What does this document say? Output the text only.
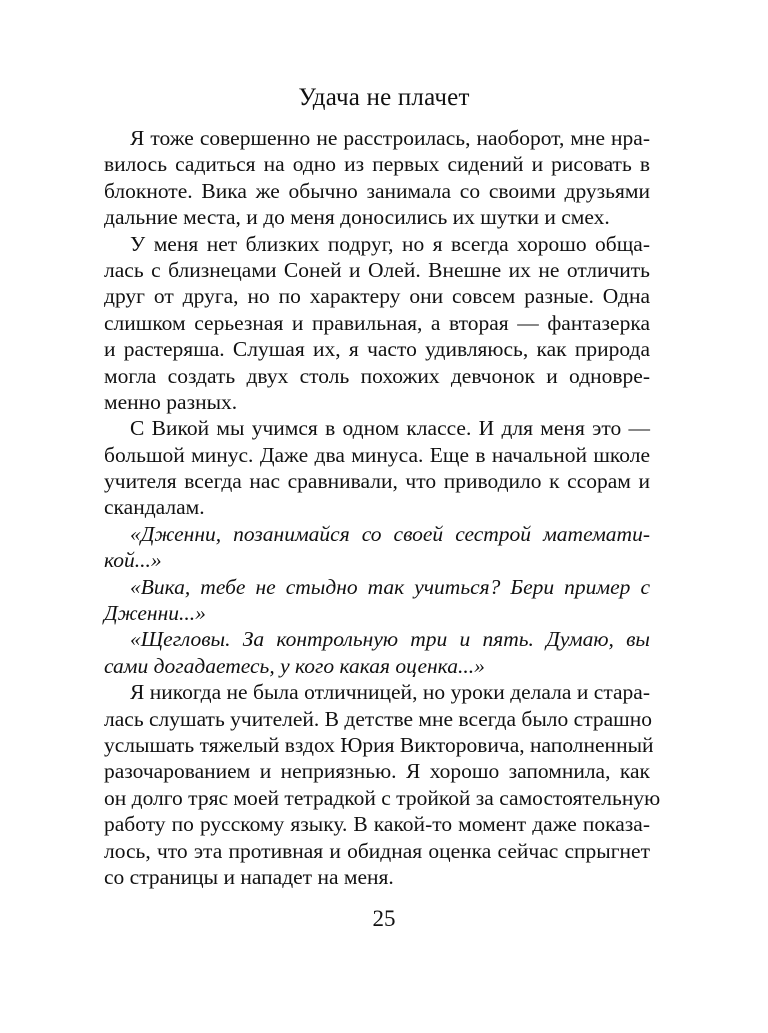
Удача не плачет
Я тоже совершенно не расстроилась, наоборот, мне нра-
вилось садиться на одно из первых сидений и рисовать в
блокноте. Вика же обычно занимала со своими друзьями
дальние места, и до меня доносились их шутки и смех.
У меня нет близких подруг, но я всегда хорошо обща-
лась с близнецами Соней и Олей. Внешне их не отличить
друг от друга, но по характеру они совсем разные. Одна
слишком серьезная и правильная, а вторая — фантазерка
и растеряша. Слушая их, я часто удивляюсь, как природа
могла создать двух столь похожих девчонок и одновре-
менно разных.
С Викой мы учимся в одном классе. И для меня это —
большой минус. Даже два минуса. Еще в начальной школе
учителя всегда нас сравнивали, что приводило к ссорам и
скандалам.
«Дженни, позанимайся со своей сестрой математи-
кой...»
«Вика, тебе не стыдно так учиться? Бери пример с
Дженни...»
«Щегловы. За контрольную три и пять. Думаю, вы
сами догадаетесь, у кого какая оценка...»
Я никогда не была отличницей, но уроки делала и стара-
лась слушать учителей. В детстве мне всегда было страшно
услышать тяжелый вздох Юрия Викторовича, наполненный
разочарованием и неприязнью. Я хорошо запомнила, как
он долго тряс моей тетрадкой с тройкой за самостоятельную
работу по русскому языку. В какой-то момент даже показа-
лось, что эта противная и обидная оценка сейчас спрыгнет
со страницы и нападет на меня.
25
